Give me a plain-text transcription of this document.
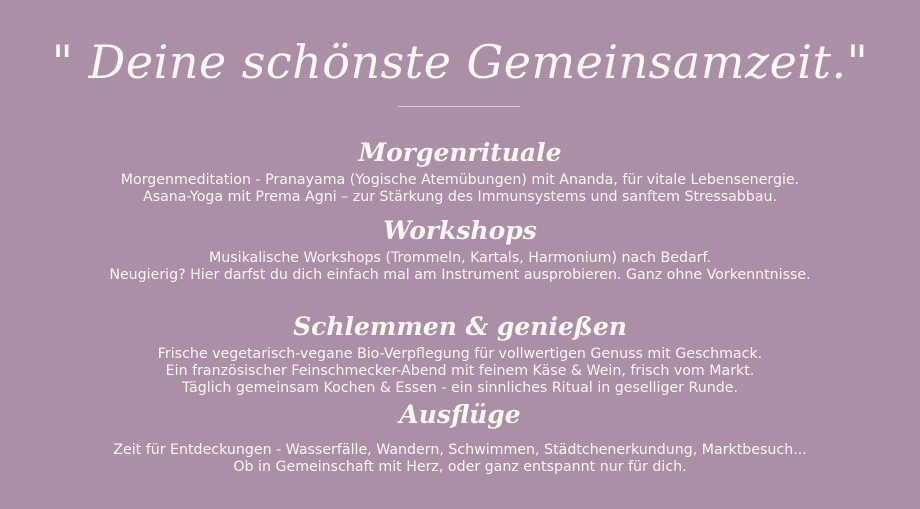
" Deine schönste Gemeinsamzeit."
Morgenrituale
Morgenmeditation - Pranayama (Yogische Atemübungen) mit Ananda, für vitale Lebensenergie.
Asana-Yoga mit Prema Agni – zur Stärkung des Immunsystems und sanftem Stressabbau.
Workshops
Musikalische Workshops (Trommeln, Kartals, Harmonium) nach Bedarf.
Neugierig? Hier darfst du dich einfach mal am Instrument ausprobieren. Ganz ohne Vorkenntnisse.
Schlemmen & genießen
Frische vegetarisch-vegane Bio-Verpflegung für vollwertigen Genuss mit Geschmack.
Ein französischer Feinschmecker-Abend mit feinem Käse & Wein, frisch vom Markt.
Täglich gemeinsam Kochen & Essen - ein sinnliches Ritual in geselliger Runde.
Ausflüge
Zeit für Entdeckungen - Wasserfälle, Wandern, Schwimmen, Städtchenerkundung, Marktbesuch...
Ob in Gemeinschaft mit Herz, oder ganz entspannt nur für dich.
